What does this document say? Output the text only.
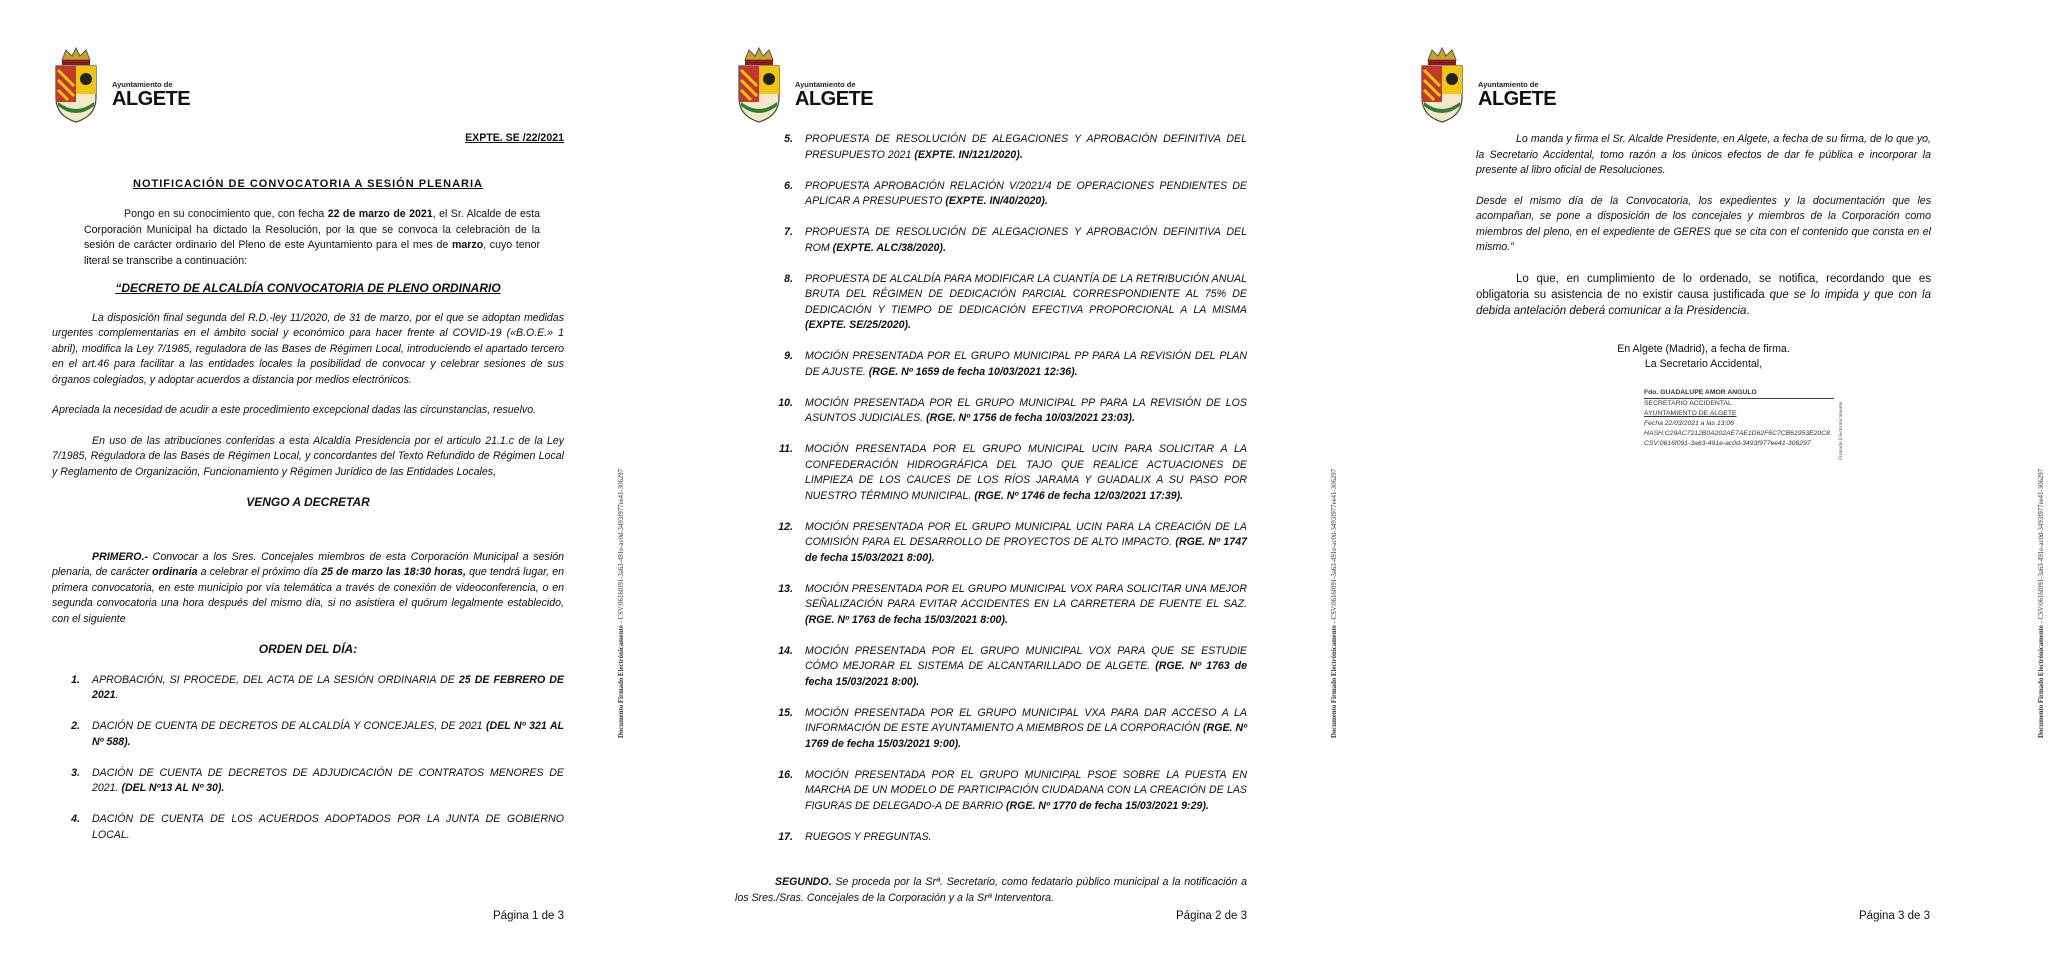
Ayuntamiento de
ALGETE
EXPTE. SE /22/2021
NOTIFICACIÓN DE CONVOCATORIA A SESIÓN PLENARIA

Pongo en su conocimiento que, con fecha 22 de marzo de 2021, el Sr. Alcalde de esta Corporación Municipal ha dictado la Resolución, por la que se convoca la celebración de la sesión de carácter ordinario del Pleno de este Ayuntamiento para el mes de marzo, cuyo tenor literal se transcribe a continuación:

“DECRETO DE ALCALDÍA CONVOCATORIA DE PLENO ORDINARIO

La disposición final segunda del R.D.-ley 11/2020, de 31 de marzo, por el que se adoptan medidas urgentes complementarias en el ámbito social y económico para hacer frente al COVID-19 («B.O.E.» 1 abril), modifica la Ley 7/1985, reguladora de las Bases de Régimen Local, introduciendo el apartado tercero en el art.46 para facilitar a las entidades locales la posibilidad de convocar y celebrar sesiones de sus órganos colegiados, y adoptar acuerdos a distancia por medios electrónicos.

Apreciada la necesidad de acudir a este procedimiento excepcional dadas las circunstancias, resuelvo.

En uso de las atribuciones conferidas a esta Alcaldía Presidencia por el articulo 21.1.c de la Ley 7/1985, Reguladora de las Bases de Régimen Local, y concordantes del Texto Refundido de Régimen Local y Reglamento de Organización, Funcionamiento y Régimen Jurídico de las Entidades Locales,

VENGO A DECRETAR

PRIMERO.- Convocar a los Sres. Concejales miembros de esta Corporación Municipal a sesión plenaria, de carácter ordinaria a celebrar el próximo día 25 de marzo las 18:30 horas, que tendrá lugar, en primera convocatoria, en este municipio por vía telemática a través de conexión de videoconferencia, o en segunda convocatoria una hora después del mismo día, si no asistiera el quórum legalmente establecido, con el siguiente

ORDEN DEL DÍA:

1. APROBACIÓN, SI PROCEDE, DEL ACTA DE LA SESIÓN ORDINARIA DE 25 DE FEBRERO DE 2021.
2. DACIÓN DE CUENTA DE DECRETOS DE ALCALDÍA Y CONCEJALES, DE 2021 (DEL Nº 321 AL Nº 588).
3. DACIÓN DE CUENTA DE DECRETOS DE ADJUDICACIÓN DE CONTRATOS MENORES DE 2021. (DEL Nº13 AL Nº 30).
4. DACIÓN DE CUENTA DE LOS ACUERDOS ADOPTADOS POR LA JUNTA DE GOBIERNO LOCAL.
Página 1 de 3
Documento Firmado Electrónicamente - CSV:0616f091-3a63-491e-ac0d-3493f977ee41-306297
Ayuntamiento de
ALGETE
5. PROPUESTA DE RESOLUCIÓN DE ALEGACIONES Y APROBACIÓN DEFINITIVA DEL PRESUPUESTO 2021 (EXPTE. IN/121/2020).
6. PROPUESTA APROBACIÓN RELACIÓN V/2021/4 DE OPERACIONES PENDIENTES DE APLICAR A PRESUPUESTO (EXPTE. IN/40/2020).
7. PROPUESTA DE RESOLUCIÓN DE ALEGACIONES Y APROBACIÓN DEFINITIVA DEL ROM (EXPTE. ALC/38/2020).
8. PROPUESTA DE ALCALDÍA PARA MODIFICAR LA CUANTÍA DE LA RETRIBUCIÓN ANUAL BRUTA DEL RÉGIMEN DE DEDICACIÓN PARCIAL CORRESPONDIENTE AL 75% DE DEDICACIÓN Y TIEMPO DE DEDICACIÓN EFECTIVA PROPORCIONAL A LA MISMA (EXPTE. SE/25/2020).
9. MOCIÓN PRESENTADA POR EL GRUPO MUNICIPAL PP PARA LA REVISIÓN DEL PLAN DE AJUSTE. (RGE. Nº 1659 de fecha 10/03/2021 12:36).
10. MOCIÓN PRESENTADA POR EL GRUPO MUNICIPAL PP PARA LA REVISIÓN DE LOS ASUNTOS JUDICIALES. (RGE. Nº 1756 de fecha 10/03/2021 23:03).
11. MOCIÓN PRESENTADA POR EL GRUPO MUNICIPAL UCIN PARA SOLICITAR A LA CONFEDERACIÓN HIDROGRÁFICA DEL TAJO QUE REALICE ACTUACIONES DE LIMPIEZA DE LOS CAUCES DE LOS RÍOS JARAMA Y GUADALIX A SU PASO POR NUESTRO TÉRMINO MUNICIPAL. (RGE. Nº 1746 de fecha 12/03/2021 17:39).
12. MOCIÓN PRESENTADA POR EL GRUPO MUNICIPAL UCIN PARA LA CREACIÓN DE LA COMISIÓN PARA EL DESARROLLO DE PROYECTOS DE ALTO IMPACTO. (RGE. Nº 1747 de fecha 15/03/2021 8:00).
13. MOCIÓN PRESENTADA POR EL GRUPO MUNICIPAL VOX PARA SOLICITAR UNA MEJOR SEÑALIZACIÓN PARA EVITAR ACCIDENTES EN LA CARRETERA DE FUENTE EL SAZ. (RGE. Nº 1763 de fecha 15/03/2021 8:00).
14. MOCIÓN PRESENTADA POR EL GRUPO MUNICIPAL VOX PARA QUE SE ESTUDIE CÓMO MEJORAR EL SISTEMA DE ALCANTARILLADO DE ALGETE. (RGE. Nº 1763 de fecha 15/03/2021 8:00).
15. MOCIÓN PRESENTADA POR EL GRUPO MUNICIPAL VXA PARA DAR ACCESO A LA INFORMACIÓN DE ESTE AYUNTAMIENTO A MIEMBROS DE LA CORPORACIÓN (RGE. Nº 1769 de fecha 15/03/2021 9:00).
16. MOCIÓN PRESENTADA POR EL GRUPO MUNICIPAL PSOE SOBRE LA PUESTA EN MARCHA DE UN MODELO DE PARTICIPACIÓN CIUDADANA CON LA CREACIÓN DE LAS FIGURAS DE DELEGADO-A DE BARRIO (RGE. Nº 1770 de fecha 15/03/2021 9:29).
17. RUEGOS Y PREGUNTAS.

SEGUNDO. Se proceda por la Srª. Secretario, como fedatario público municipal a la notificación a los Sres./Sras. Concejales de la Corporación y a la Srª Interventora.

Página 2 de 3
Documento Firmado Electrónicamente - CSV:0616f091-3a63-491e-ac0d-3493f977ee41-306297
Ayuntamiento de
ALGETE

Lo manda y firma el Sr. Alcalde Presidente, en Algete, a fecha de su firma, de lo que yo, la Secretario Accidental, tomo razón a los únicos efectos de dar fe pública e incorporar la presente al libro oficial de Resoluciones.

Desde el mismo día de la Convocatoria, los expedientes y la documentación que les acompañan, se pone a disposición de los concejales y miembros de la Corporación como miembros del pleno, en el expediente de GERES que se cita con el contenido que consta en el mismo.”

Lo que, en cumplimiento de lo ordenado, se notifica, recordando que es obligatoria su asistencia de no existir causa justificada que se lo impida y que con la debida antelación deberá comunicar a la Presidencia.

En Algete (Madrid), a fecha de firma.

La Secretario Accidental,

Fdo. GUADALUPE AMOR ANGULO
SECRETARIO ACCIDENTAL
AYUNTAMIENTO DE ALGETE
Fecha 22/03/2021 a las 13:06
HASH:C29AC7212B0A202AE7AE1D62F6C7CB61953E20C8
CSV:0616f091-3a63-491e-ac0d-3493f977ee41-306297	Firmado Electrónicamente
Página 3 de 3
Documento Firmado Electrónicamente - CSV:0616f091-3a63-491e-ac0d-3493f977ee41-306297
